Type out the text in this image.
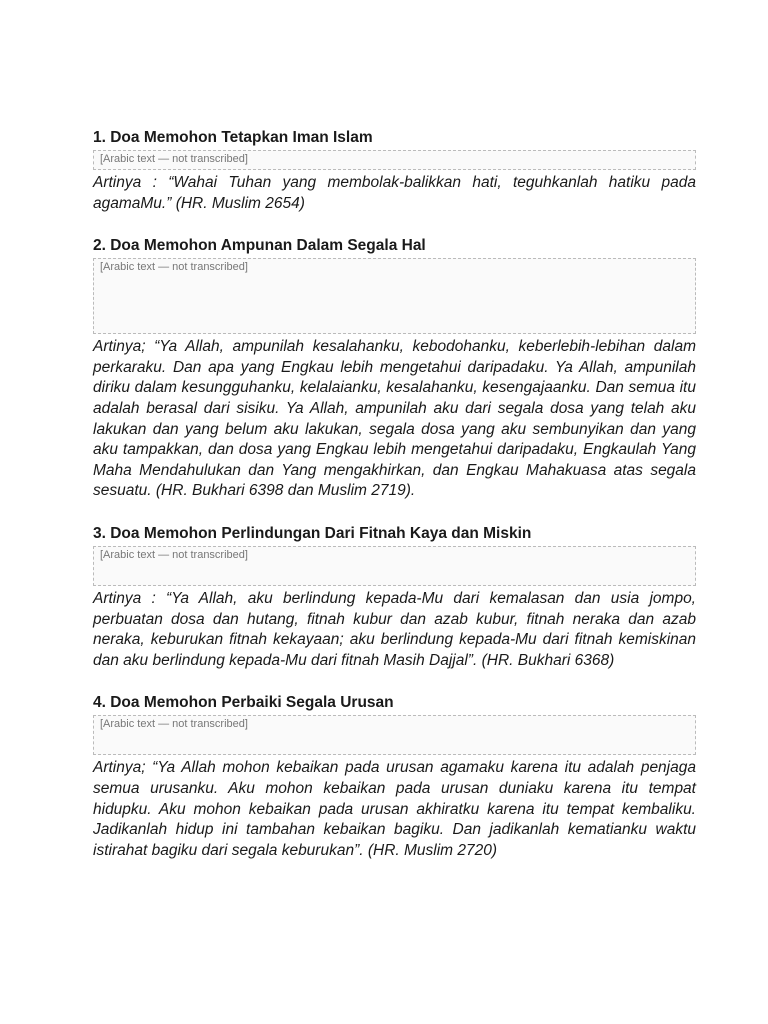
1. Doa Memohon Tetapkan Iman Islam

[Arabic text — not transcribed]

Artinya : “Wahai Tuhan yang membolak-balikkan hati, teguhkanlah hatiku pada agamaMu.” (HR. Muslim 2654)

2. Doa Memohon Ampunan Dalam Segala Hal

[Arabic text — not transcribed]

Artinya; “Ya Allah, ampunilah kesalahanku, kebodohanku, keberlebih-lebihan dalam perkaraku. Dan apa yang Engkau lebih mengetahui daripadaku. Ya Allah, ampunilah diriku dalam kesungguhanku, kelalaianku, kesalahanku, kesengajaanku. Dan semua itu adalah berasal dari sisiku. Ya Allah, ampunilah aku dari segala dosa yang telah aku lakukan dan yang belum aku lakukan, segala dosa yang aku sembunyikan dan yang aku tampakkan, dan dosa yang Engkau lebih mengetahui daripadaku, Engkaulah Yang Maha Mendahulukan dan Yang mengakhirkan, dan Engkau Mahakuasa atas segala sesuatu. (HR. Bukhari 6398 dan Muslim 2719).

3. Doa Memohon Perlindungan Dari Fitnah Kaya dan Miskin

[Arabic text — not transcribed]

Artinya : “Ya Allah, aku berlindung kepada-Mu dari kemalasan dan usia jompo, perbuatan dosa dan hutang, fitnah kubur dan azab kubur, fitnah neraka dan azab neraka, keburukan fitnah kekayaan; aku berlindung kepada-Mu dari fitnah kemiskinan dan aku berlindung kepada-Mu dari fitnah Masih Dajjal”. (HR. Bukhari 6368)

4. Doa Memohon Perbaiki Segala Urusan

[Arabic text — not transcribed]

Artinya; “Ya Allah mohon kebaikan pada urusan agamaku karena itu adalah penjaga semua urusanku. Aku mohon kebaikan pada urusan duniaku karena itu tempat hidupku. Aku mohon kebaikan pada urusan akhiratku karena itu tempat kembaliku. Jadikanlah hidup ini tambahan kebaikan bagiku. Dan jadikanlah kematianku waktu istirahat bagiku dari segala keburukan”. (HR. Muslim 2720)
